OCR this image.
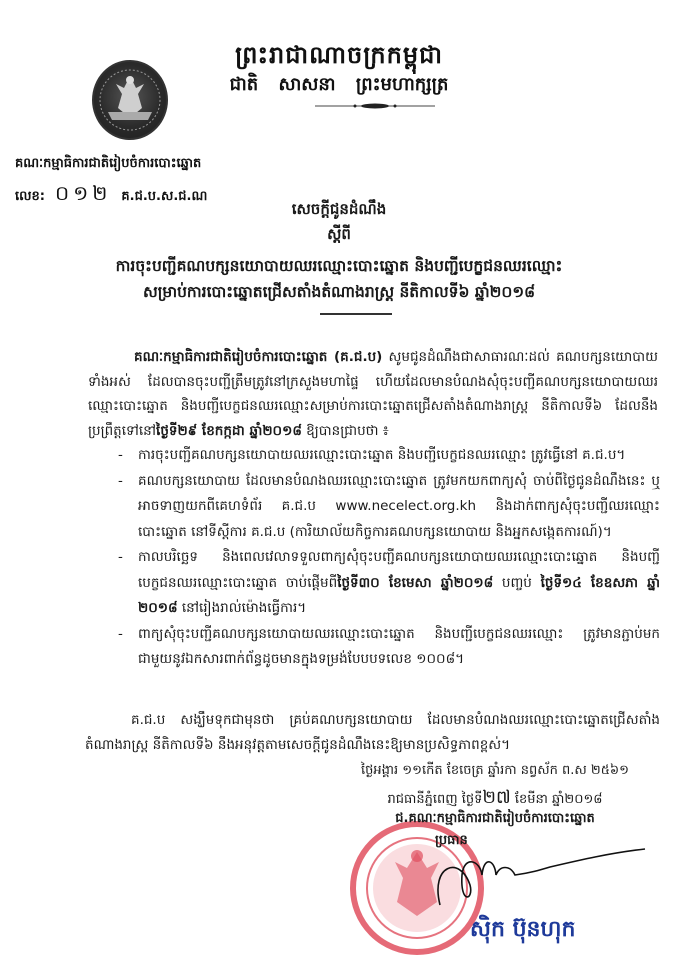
ព្រះរាជាណាចក្រកម្ពុជា
ជាតិ សាសនា ព្រះមហាក្សត្រ
គណៈកម្មាធិការជាតិរៀបចំការបោះឆ្នោត
លេខ: ០១២ គ.ជ.ប.ស.ជ.ណ
សេចក្តីជូនដំណឹង
ស្តីពី
ការចុះបញ្ជីគណបក្សនយោបាយឈរឈ្មោះបោះឆ្នោត និងបញ្ជីបេក្ខជនឈរឈ្មោះ
សម្រាប់ការបោះឆ្នោតជ្រើសតាំងតំណាងរាស្ត្រ នីតិកាលទី៦ ឆ្នាំ២០១៨
គណៈកម្មាធិការជាតិរៀបចំការបោះឆ្នោត (គ.ជ.ប) សូមជូនដំណឹងជាសាធារណៈដល់ គណបក្សនយោបាយទាំងអស់ ដែលបានចុះបញ្ជីត្រឹមត្រូវនៅក្រសួងមហាផ្ទៃ ហើយដែលមានបំណងសុំចុះបញ្ជីគណបក្សនយោបាយឈរឈ្មោះបោះឆ្នោត និងបញ្ជីបេក្ខជនឈរឈ្មោះសម្រាប់ការបោះឆ្នោតជ្រើសតាំងតំណាងរាស្ត្រ នីតិកាលទី៦ ដែលនឹងប្រព្រឹត្តទៅនៅថ្ងៃទី២៩ ខែកក្កដា ឆ្នាំ២០១៨ ឱ្យបានជ្រាបថា ៖
- ការចុះបញ្ជីគណបក្សនយោបាយឈរឈ្មោះបោះឆ្នោត និងបញ្ជីបេក្ខជនឈរឈ្មោះ ត្រូវធ្វើនៅ គ.ជ.ប។
- គណបក្សនយោបាយ ដែលមានបំណងឈរឈ្មោះបោះឆ្នោត ត្រូវមកយកពាក្យសុំ ចាប់ពីថ្ងៃជូនដំណឹងនេះ ឬអាចទាញយកពីគេហទំព័រ គ.ជ.ប www.necelect.org.kh និងដាក់ពាក្យសុំចុះបញ្ជីឈរឈ្មោះបោះឆ្នោត នៅទីស្តីការ គ.ជ.ប (ការិយាល័យកិច្ចការគណបក្សនយោបាយ និងអ្នកសង្កេតការណ៍)។
- កាលបរិច្ឆេទ និងពេលវេលាទទួលពាក្យសុំចុះបញ្ជីគណបក្សនយោបាយឈរឈ្មោះបោះឆ្នោត និងបញ្ជីបេក្ខជនឈរឈ្មោះបោះឆ្នោត ចាប់ផ្តើមពីថ្ងៃទី៣០ ខែមេសា ឆ្នាំ២០១៨ បញ្ចប់ ថ្ងៃទី១៤ ខែឧសភា ឆ្នាំ ២០១៨ នៅរៀងរាល់ម៉ោងធ្វើការ។
- ពាក្យសុំចុះបញ្ជីគណបក្សនយោបាយឈរឈ្មោះបោះឆ្នោត និងបញ្ជីបេក្ខជនឈរឈ្មោះ ត្រូវមានភ្ជាប់មកជាមួយនូវឯកសារពាក់ព័ន្ធដូចមានក្នុងទម្រង់បែបបទលេខ ១០០៨។
គ.ជ.ប សង្ឃឹមទុកជាមុនថា គ្រប់គណបក្សនយោបាយ ដែលមានបំណងឈរឈ្មោះបោះឆ្នោតជ្រើសតាំងតំណាងរាស្ត្រ នីតិកាលទី៦ នឹងអនុវត្តតាមសេចក្តីជូនដំណឹងនេះឱ្យមានប្រសិទ្ធភាពខ្ពស់។
ថ្ងៃអង្គារ ១១កើត ខែចេត្រ ឆ្នាំរកា នព្វស័ក ព.ស ២៥៦១
រាជធានីភ្នំពេញ ថ្ងៃទី២៧ ខែមីនា ឆ្នាំ២០១៨
ជ.គណៈកម្មាធិការជាតិរៀបចំការបោះឆ្នោត
ប្រធាន
ស៊ិក ប៊ុនហុក
